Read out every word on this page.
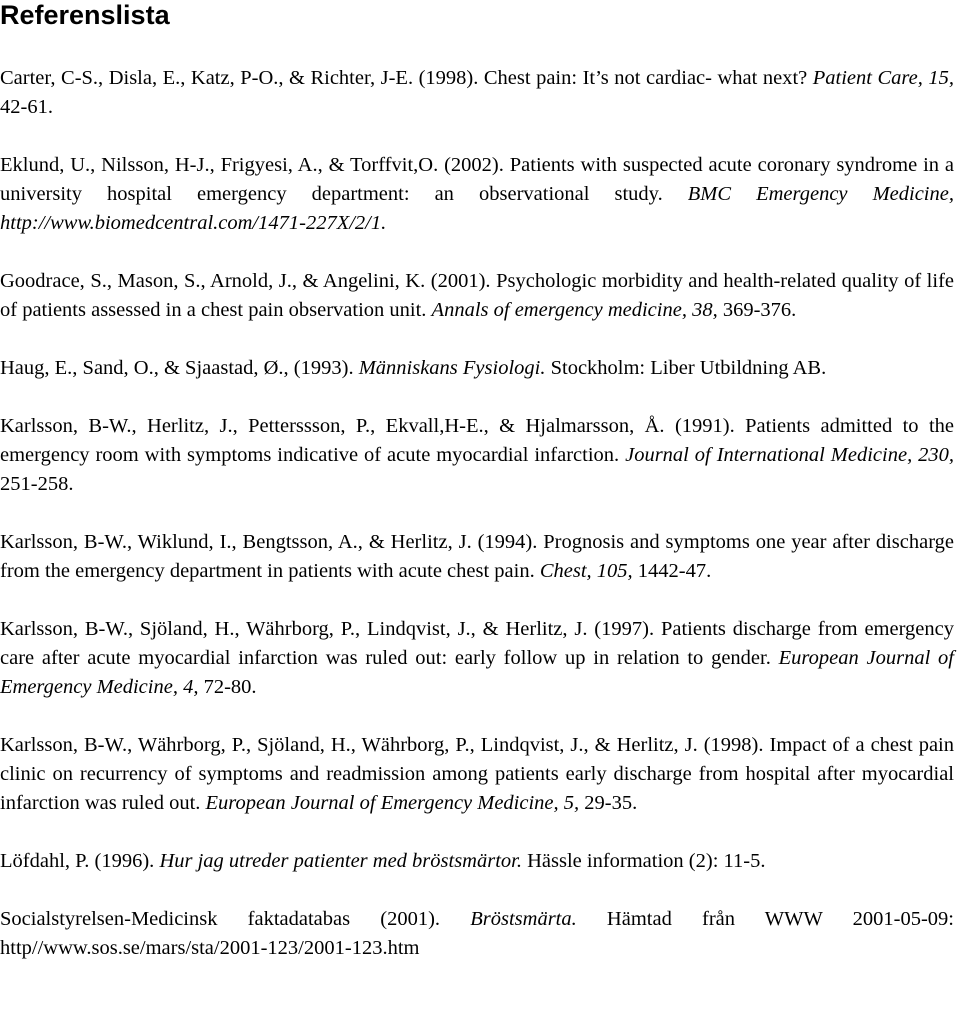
Referenslista
Carter, C-S., Disla, E., Katz, P-O., & Richter, J-E. (1998). Chest pain: It’s not cardiac- what next? Patient Care, 15, 42-61.
Eklund, U., Nilsson, H-J., Frigyesi, A., & Torffvit,O. (2002). Patients with suspected acute coronary syndrome in a university hospital emergency department: an observational study. BMC Emergency Medicine, http://www.biomedcentral.com/1471-227X/2/1.
Goodrace, S., Mason, S., Arnold, J., & Angelini, K. (2001). Psychologic morbidity and health-related quality of life of patients assessed in a chest pain observation unit. Annals of emergency medicine, 38, 369-376.
Haug, E., Sand, O., & Sjaastad, Ø., (1993). Människans Fysiologi. Stockholm: Liber Utbildning AB.
Karlsson, B-W., Herlitz, J., Petterssson, P., Ekvall,H-E., & Hjalmarsson, Å. (1991). Patients admitted to the emergency room with symptoms indicative of acute myocardial infarction. Journal of International Medicine, 230, 251-258.
Karlsson, B-W., Wiklund, I., Bengtsson, A., & Herlitz, J. (1994). Prognosis and symptoms one year after discharge from the emergency department in patients with acute chest pain. Chest, 105, 1442-47.
Karlsson, B-W., Sjöland, H., Währborg, P., Lindqvist, J., & Herlitz, J. (1997). Patients discharge from emergency care after acute myocardial infarction was ruled out: early follow up in relation to gender. European Journal of Emergency Medicine, 4, 72-80.
Karlsson, B-W., Währborg, P., Sjöland, H., Währborg, P., Lindqvist, J., & Herlitz, J. (1998). Impact of a chest pain clinic on recurrency of symptoms and readmission among patients early discharge from hospital after myocardial infarction was ruled out. European Journal of Emergency Medicine, 5, 29-35.
Löfdahl, P. (1996). Hur jag utreder patienter med bröstsmärtor. Hässle information (2): 11-5.
Socialstyrelsen-Medicinsk faktadatabas (2001). Bröstsmärta. Hämtad från WWW 2001-05-09: http//www.sos.se/mars/sta/2001-123/2001-123.htm
